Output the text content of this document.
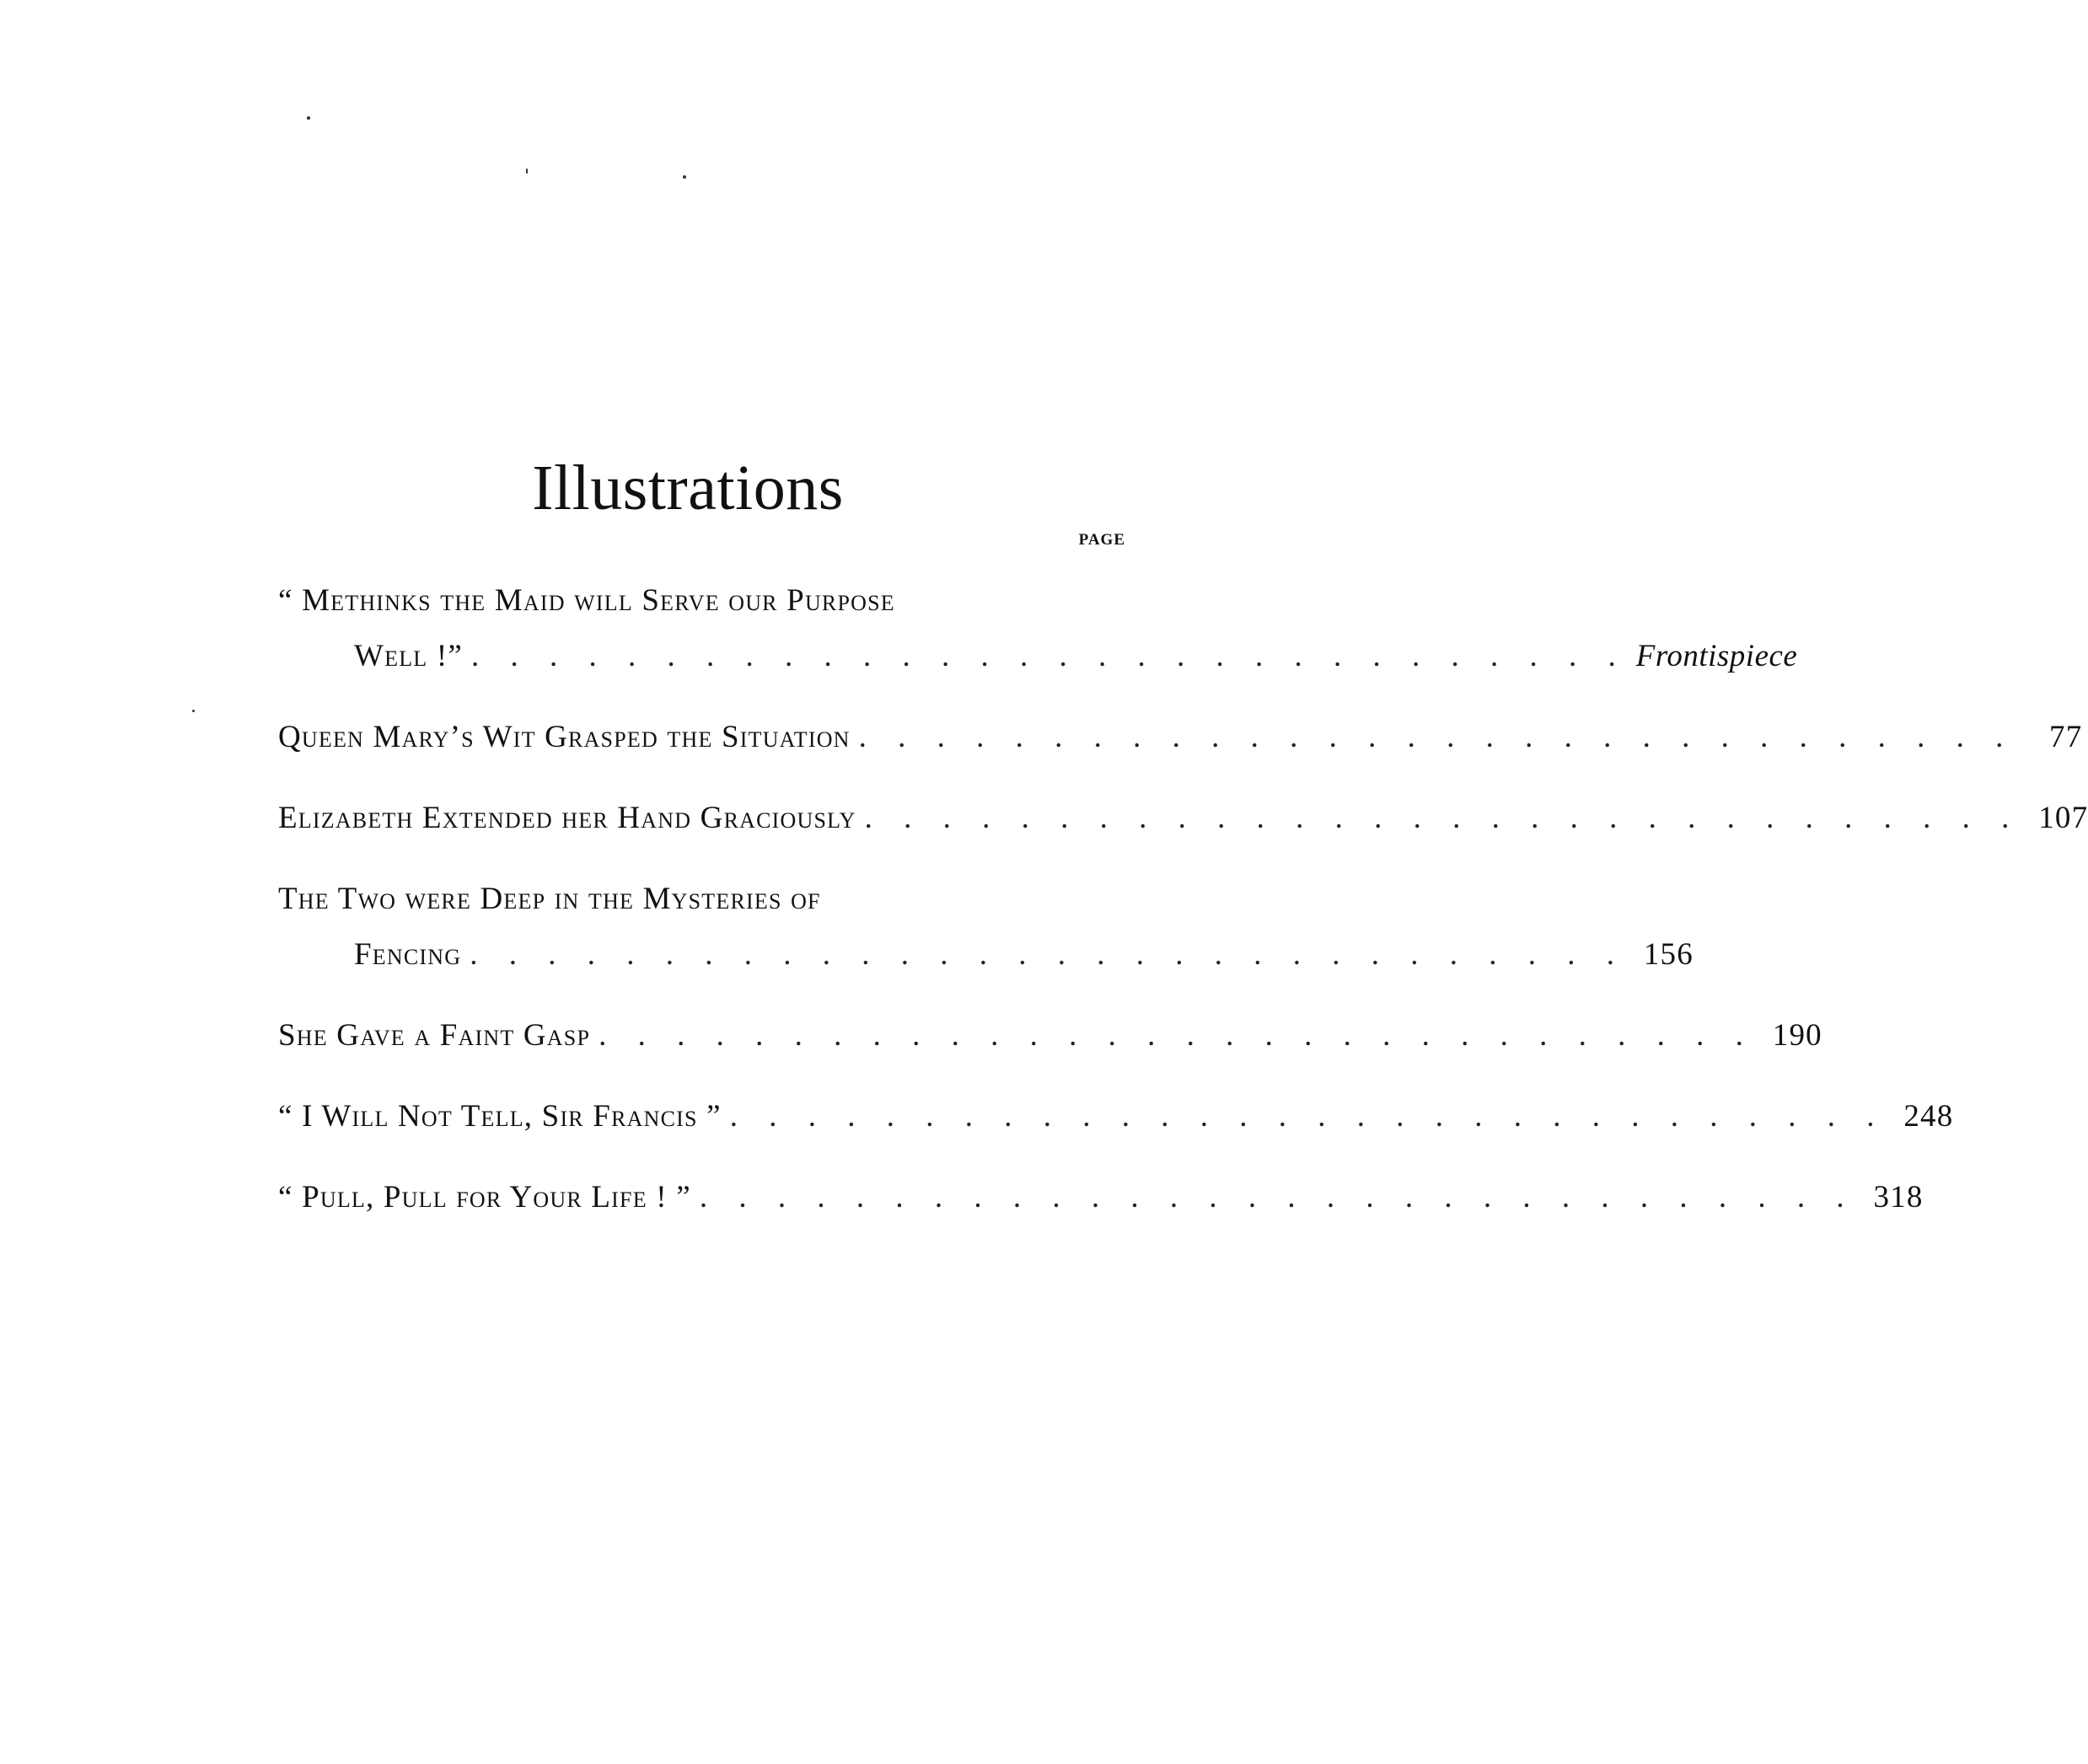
Illustrations
PAGE
“ Methinks the Maid will Serve our Purpose
Well !” . . . . . . . . . . . . . . . . . . . . . . . . . . . . . . Frontispiece
Queen Mary’s Wit Grasped the Situation . . . . . . . . . . . . . . . . . . . . . . . . . . . . . .	77
Elizabeth Extended her Hand Graciously . . . . . . . . . . . . . . . . . . . . . . . . . . . . . . 107
The Two were Deep in the Mysteries of
Fencing . . . . . . . . . . . . . . . . . . . . . . . . . . . . . . 156
She Gave a Faint Gasp . . . . . . . . . . . . . . . . . . . . . . . . . . . . . . 190
“ I Will Not Tell, Sir Francis ” . . . . . . . . . . . . . . . . . . . . . . . . . . . . . . 248
“ Pull, Pull for Your Life ! ” . . . . . . . . . . . . . . . . . . . . . . . . . . . . . . 318
